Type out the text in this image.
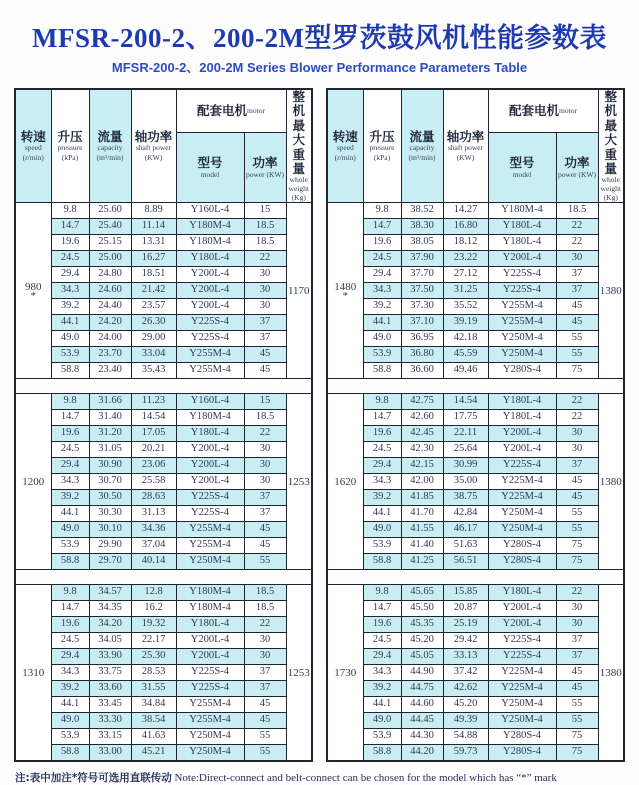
MFSR-200-2、200-2M型罗茨鼓风机性能参数表
MFSR-200-2、200-2M Series Blower Performance Parameters Table
转速
speed
(r/min)	升压
pressure
(kPa)	流量
capacity
(m³/min)	轴功率
shaft power
(KW)	配套电机motor		整机最大重量
whole weight
(Kg)

				型号
model	功率
power (KW)	

980
*	9.8	25.60	8.89	Y160L-4	15	1170
	14.7	25.40	11.14	Y180M-4	18.5	
	19.6	25.15	13.31	Y180M-4	18.5	
	24.5	25.00	16.27	Y180L-4	22	
	29.4	24.80	18.51	Y200L-4	30	
	34.3	24.60	21.42	Y200L-4	30	
	39.2	24.40	23.57	Y200L-4	30	
	44.1	24.20	26.30	Y225S-4	37	
	49.0	24.00	29.00	Y225S-4	37	
	53.9	23.70	33.04	Y255M-4	45	
	58.8	23.40	35.43	Y255M-4	45	

1200	9.8	31.66	11.23	Y160L-4	15	1253
	14.7	31.40	14.54	Y180M-4	18.5	
	19.6	31.20	17.05	Y180L-4	22	
	24.5	31.05	20.21	Y200L-4	30	
	29.4	30.90	23.06	Y200L-4	30	
	34.3	30.70	25.58	Y200L-4	30	
	39.2	30.50	28.63	Y225S-4	37	
	44.1	30.30	31.13	Y225S-4	37	
	49.0	30.10	34.36	Y255M-4	45	
	53.9	29.90	37.04	Y255M-4	45	
	58.8	29.70	40.14	Y250M-4	55	

1310	9.8	34.57	12.8	Y180M-4	18.5	1253
	14.7	34.35	16.2	Y180M-4	18.5	
	19.6	34.20	19.32	Y180L-4	22	
	24.5	34.05	22.17	Y200L-4	30	
	29.4	33.90	25.30	Y200L-4	30	
	34.3	33.75	28.53	Y225S-4	37	
	39.2	33.60	31.55	Y225S-4	37	
	44.1	33.45	34.84	Y255M-4	45	
	49.0	33.30	38.54	Y255M-4	45	
	53.9	33.15	41.63	Y250M-4	55	
	58.8	33.00	45.21	Y250M-4	55	
转速
speed
(r/min)	升压
pressure
(kPa)	流量
capacity
(m³/min)	轴功率
shaft power
(KW)	配套电机motor		整机最大重量
whole weight
(Kg)

				型号
model	功率
power (KW)	

1480
*	9.8	38.52	14.27	Y180M-4	18.5	1380
	14.7	38.30	16.80	Y180L-4	22	
	19.6	38.05	18.12	Y180L-4	22	
	24.5	37.90	23.22	Y200L-4	30	
	29.4	37.70	27.12	Y225S-4	37	
	34.3	37.50	31.25	Y225S-4	37	
	39.2	37.30	35.52	Y255M-4	45	
	44.1	37.10	39.19	Y255M-4	45	
	49.0	36.95	42.18	Y250M-4	55	
	53.9	36.80	45.59	Y250M-4	55	
	58.8	36.60	49.46	Y280S-4	75	

1620	9.8	42.75	14.54	Y180L-4	22	1380
	14.7	42.60	17.75	Y180L-4	22	
	19.6	42.45	22.11	Y200L-4	30	
	24.5	42.30	25.64	Y200L-4	30	
	29.4	42.15	30.99	Y225S-4	37	
	34.3	42.00	35.00	Y225M-4	45	
	39.2	41.85	38.75	Y225M-4	45	
	44.1	41.70	42.84	Y250M-4	55	
	49.0	41.55	46.17	Y250M-4	55	
	53.9	41.40	51.63	Y280S-4	75	
	58.8	41.25	56.51	Y280S-4	75	

1730	9.8	45.65	15.85	Y180L-4	22	1380
	14.7	45.50	20.87	Y200L-4	30	
	19.6	45.35	25.19	Y200L-4	30	
	24.5	45.20	29.42	Y225S-4	37	
	29.4	45.05	33.13	Y225S-4	37	
	34.3	44.90	37.42	Y225M-4	45	
	39.2	44.75	42.62	Y225M-4	45	
	44.1	44.60	45.20	Y250M-4	55	
	49.0	44.45	49.39	Y250M-4	55	
	53.9	44.30	54.88	Y280S-4	75	
	58.8	44.20	59.73	Y280S-4	75	
注:表中加注*符号可选用直联传动 Note:Direct-connect and belt-connect can be chosen for the model which has “*” mark
